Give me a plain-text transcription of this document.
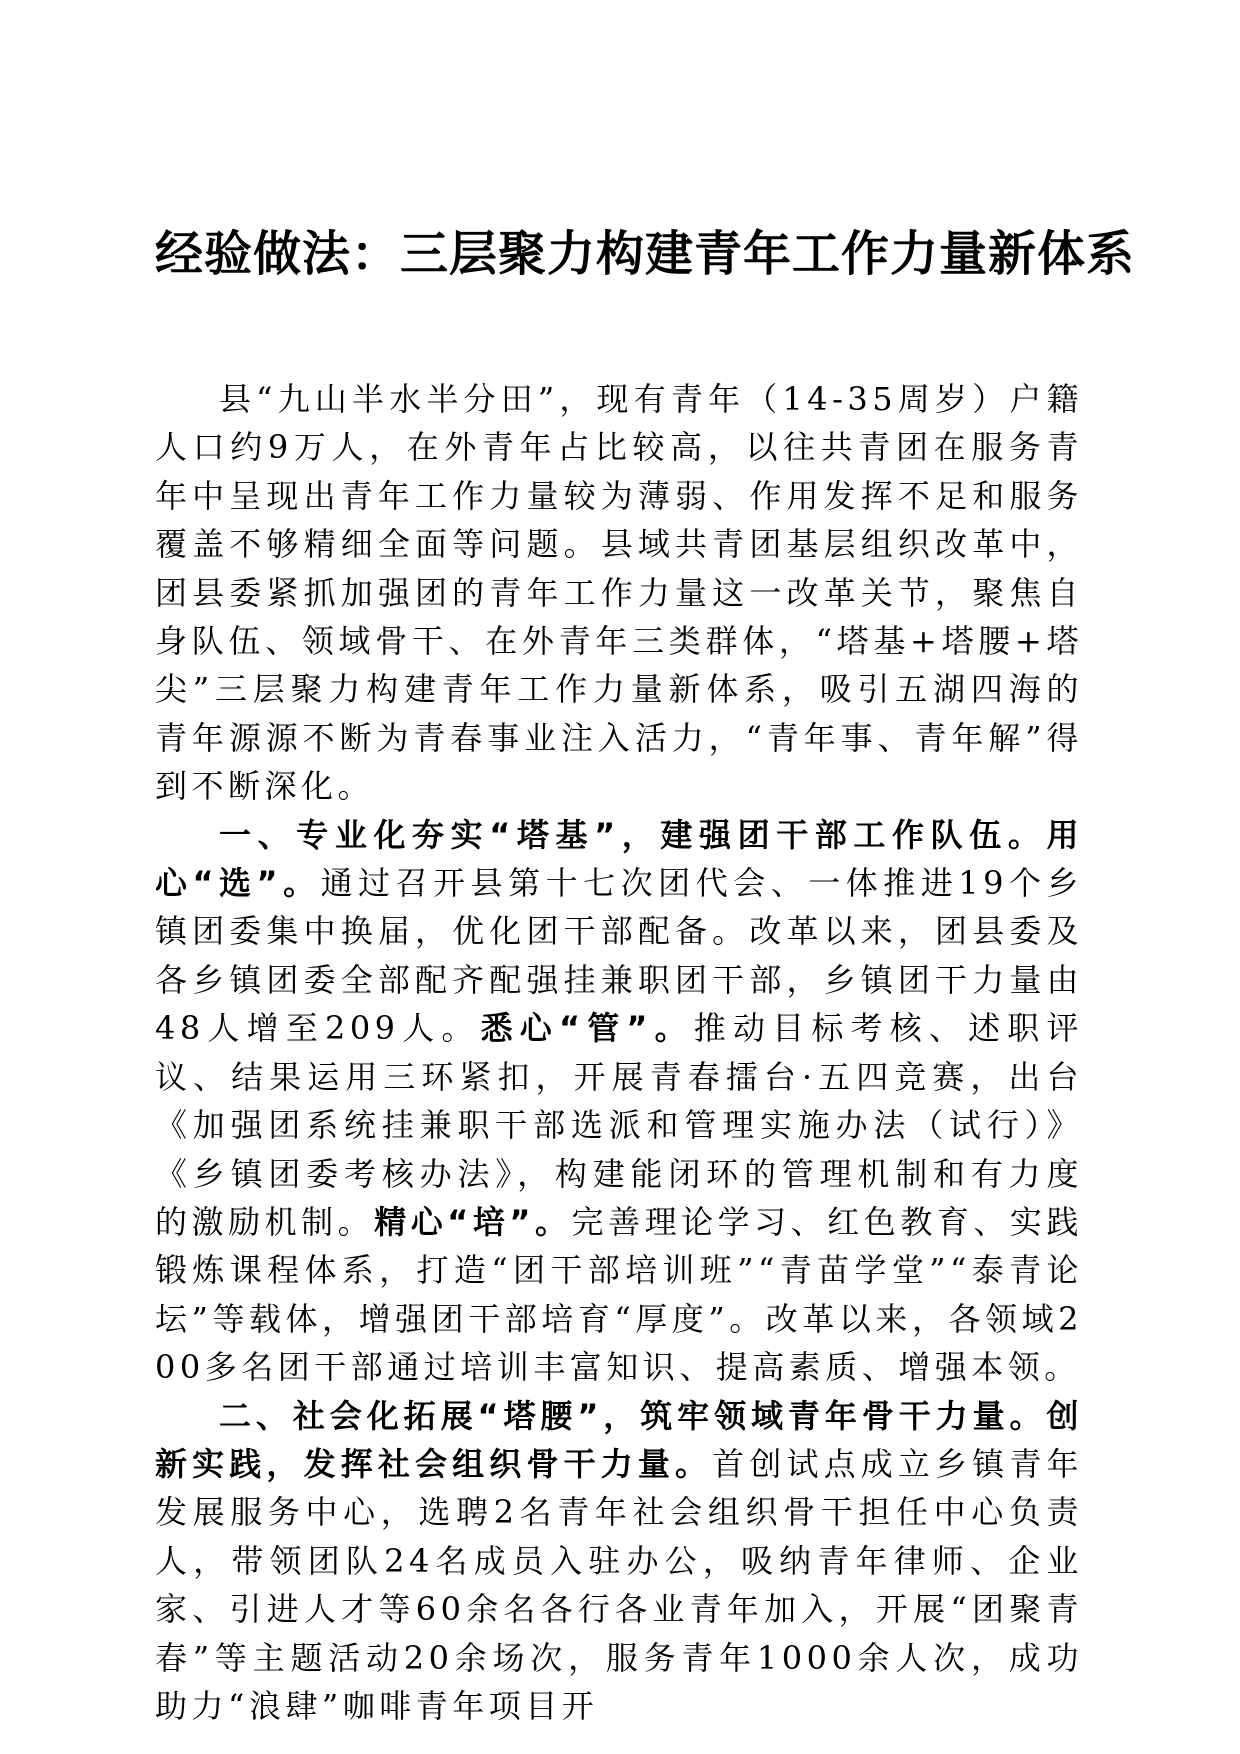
经验做法：三层聚力构建青年工作力量新体系

县“九山半水半分田”，现有青年（14-35周岁）户籍人口约9万人，在外青年占比较高，以往共青团在服务青年中呈现出青年工作力量较为薄弱、作用发挥不足和服务覆盖不够精细全面等问题。县域共青团基层组织改革中，团县委紧抓加强团的青年工作力量这一改革关节，聚焦自身队伍、领域骨干、在外青年三类群体，“塔基+塔腰+塔尖”三层聚力构建青年工作力量新体系，吸引五湖四海的青年源源不断为青春事业注入活力，“青年事、青年解”得到不断深化。

一、专业化夯实“塔基”，建强团干部工作队伍。用心“选”。通过召开县第十七次团代会、一体推进19个乡镇团委集中换届，优化团干部配备。改革以来，团县委及各乡镇团委全部配齐配强挂兼职团干部，乡镇团干力量由48人增至209人。悉心“管”。推动目标考核、述职评议、结果运用三环紧扣，开展青春擂台·五四竞赛，出台《加强团系统挂兼职干部选派和管理实施办法（试行）》《乡镇团委考核办法》，构建能闭环的管理机制和有力度的激励机制。精心“培”。完善理论学习、红色教育、实践锻炼课程体系，打造“团干部培训班”“青苗学堂”“泰青论坛”等载体，增强团干部培育“厚度”。改革以来，各领域200多名团干部通过培训丰富知识、提高素质、增强本领。

二、社会化拓展“塔腰”，筑牢领域青年骨干力量。创新实践，发挥社会组织骨干力量。首创试点成立乡镇青年发展服务中心，选聘2名青年社会组织骨干担任中心负责人，带领团队24名成员入驻办公，吸纳青年律师、企业家、引进人才等60余名各行各业青年加入，开展“团聚青春”等主题活动20余场次，服务青年1000余人次，成功助力“浪肆”咖啡青年项目开
